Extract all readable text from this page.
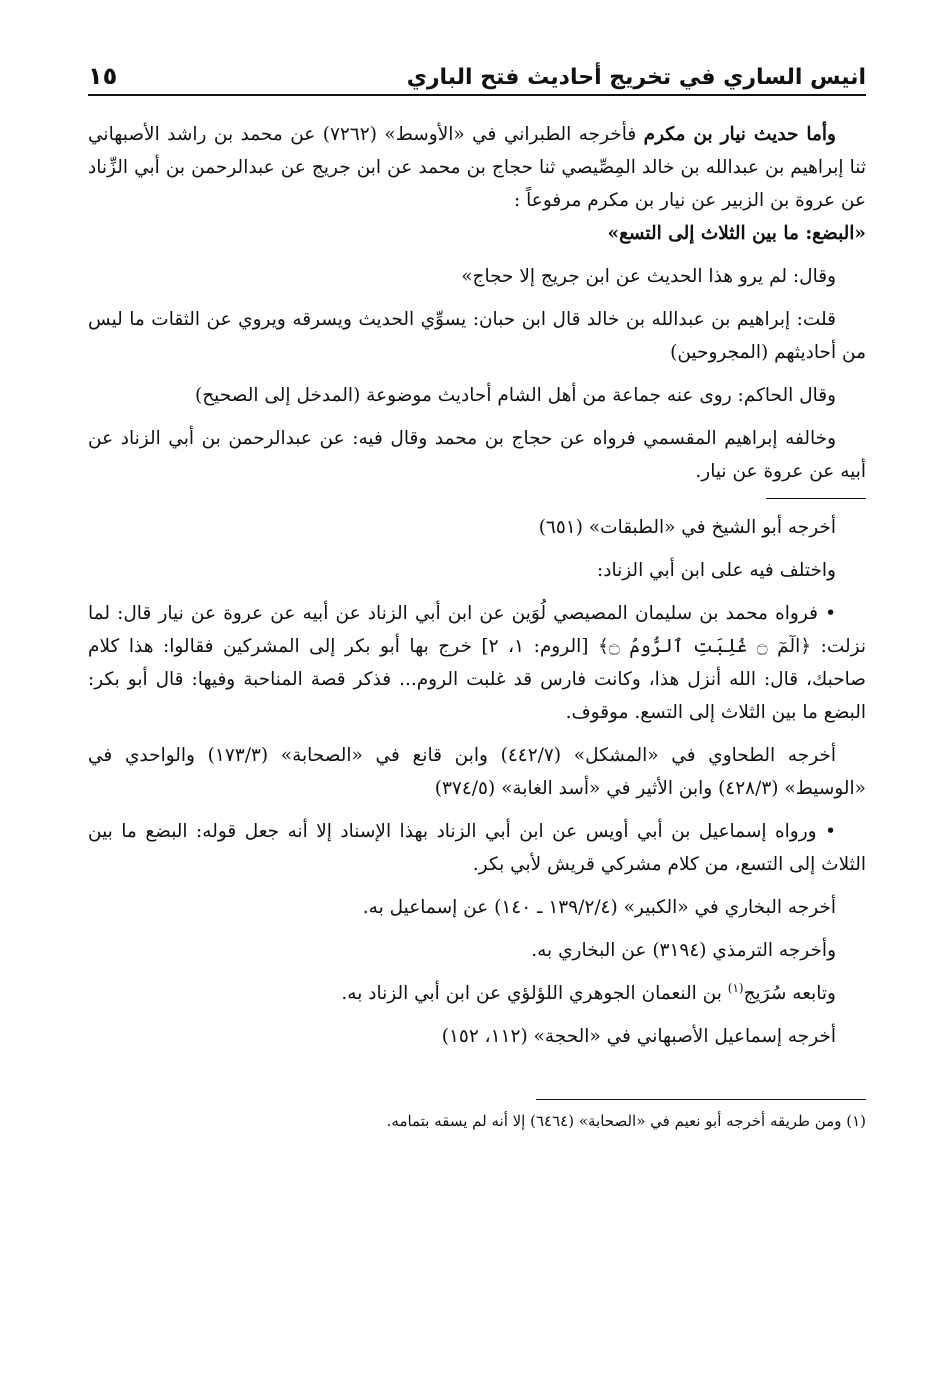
انيس الساري في تخريج أحاديث فتح الباري
١٥

وأما حديث نيار بن مكرم فأخرجه الطبراني في «الأوسط» (٧٢٦٢) عن محمد بن راشد الأصبهاني ثنا إبراهيم بن عبدالله بن خالد المِصِّيصي ثنا حجاج بن محمد عن ابن جريج عن عبدالرحمن بن أبي الزِّناد عن عروة بن الزبير عن نيار بن مكرم مرفوعاً :
«البضع: ما بين الثلاث إلى التسع»

وقال: لم يرو هذا الحديث عن ابن جريج إلا حجاج»

قلت: إبراهيم بن عبدالله بن خالد قال ابن حبان: يسوِّي الحديث ويسرقه ويروي عن الثقات ما ليس من أحاديثهم (المجروحين)

وقال الحاكم: روى عنه جماعة من أهل الشام أحاديث موضوعة (المدخل إلى الصحيح)

وخالفه إبراهيم المقسمي فرواه عن حجاج بن محمد وقال فيه: عن عبدالرحمن بن أبي الزناد عن أبيه عن عروة عن نيار.

أخرجه أبو الشيخ في «الطبقات» (٦٥١)

واختلف فيه على ابن أبي الزناد:

• فرواه محمد بن سليمان المصيصي لُوَين عن ابن أبي الزناد عن أبيه عن عروة عن نيار قال: لما نزلت: ﴿الٓمٓ ۝ غُلِبَتِ ٱلرُّومُ ۝﴾ [الروم: ١، ٢] خرج بها أبو بكر إلى المشركين فقالوا: هذا كلام صاحبك، قال: الله أنزل هذا، وكانت فارس قد غلبت الروم... فذكر قصة المناحبة وفيها: قال أبو بكر: البضع ما بين الثلاث إلى التسع. موقوف.

أخرجه الطحاوي في «المشكل» (٤٤٢/٧) وابن قانع في «الصحابة» (١٧٣/٣) والواحدي في «الوسيط» (٤٢٨/٣) وابن الأثير في «أسد الغابة» (٣٧٤/٥)

• ورواه إسماعيل بن أبي أويس عن ابن أبي الزناد بهذا الإسناد إلا أنه جعل قوله: البضع ما بين الثلاث إلى التسع، من كلام مشركي قريش لأبي بكر.

أخرجه البخاري في «الكبير» (١٣٩/٢/٤ ـ ١٤٠) عن إسماعيل به.

وأخرجه الترمذي (٣١٩٤) عن البخاري به.

وتابعه سُرَيج$^{(١)}$ بن النعمان الجوهري اللؤلؤي عن ابن أبي الزناد به.

أخرجه إسماعيل الأصبهاني في «الحجة» (١١٢، ١٥٢)

(١) ومن طريقه أخرجه أبو نعيم في «الصحابة» (٦٤٦٤) إلا أنه لم يسقه بتمامه.
